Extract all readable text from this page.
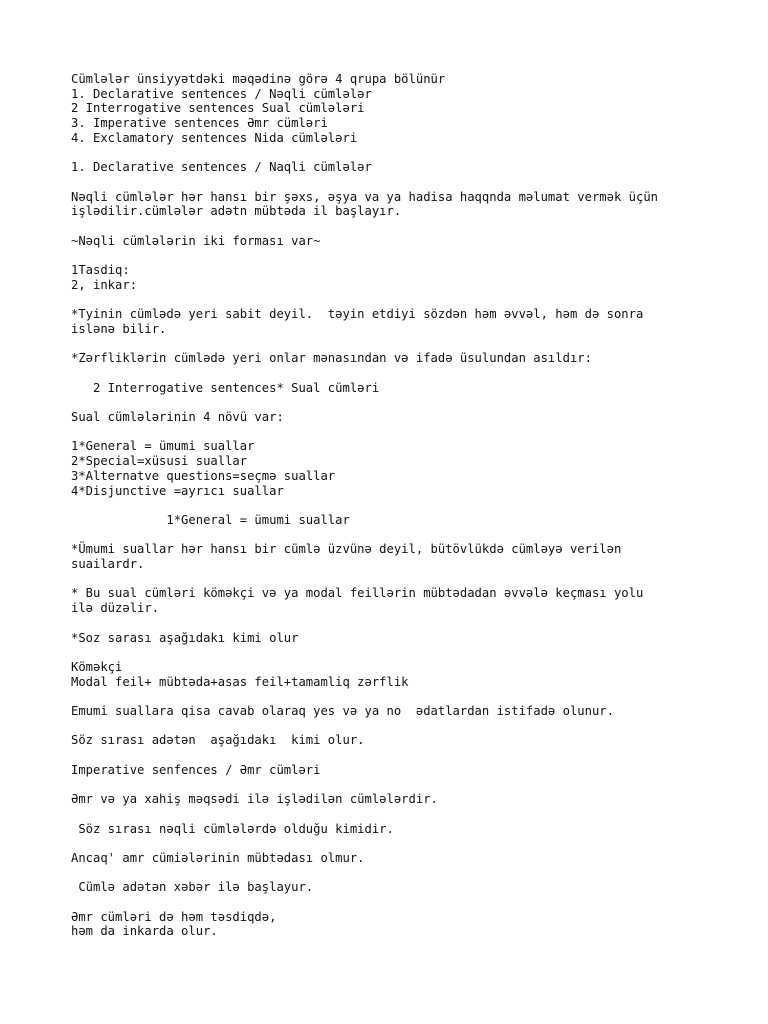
Cümlələr ünsiyyətdəki məqədinə görə 4 qrupa bölünür
1. Declarative sentences / Nəqli cümlələr
2 Interrogative sentences Sual cümlələri
3. Imperative sentences Əmr cümləri
4. Exclamatory sentences Nida cümlələri
1. Declarative sentences / Naqli cümlələr
Nəqli cümlələr hər hansı bir şəxs, əşya va ya hadisa haqqnda məlumat vermək üçün
işlədilir.cümlələr adətn mübtəda il başlayır.
~Nəqli cümlələrin iki forması var~
1Tasdiq:
2, inkar:
*Tyinin cümlədə yeri sabit deyil.  təyin etdiyi sözdən həm əvvəl, həm də sonra
islənə bilir.
*Zərfliklərin cümlədə yeri onlar mənasından və ifadə üsulundan asıldır:
2 Interrogative sentences* Sual cümləri
Sual cümlələrinin 4 növü var:
1*General = ümumi suallar
2*Special=xüsusi suallar
3*Alternatve questions=seçmə suallar
4*Disjunctive =ayrıcı suallar
1*General = ümumi suallar
*Ümumi suallar hər hansı bir cümlə üzvünə deyil, bütövlükdə cümləyə verilən
suailardr.
* Bu sual cümləri köməkçi və ya modal feillərin mübtədadan əvvələ keçması yolu
ilə düzəlir.
*Soz sarası aşağıdakı kimi olur
Köməkçi
Modal feil+ mübtəda+asas feil+tamamliq zərflik
Emumi suallara qisa cavab olaraq yes və ya no  ədatlardan istifadə olunur.
Söz sırası adətən  aşağıdakı  kimi olur.
Imperative senfences / Əmr cümləri
Əmr və ya xahiş məqsədi ilə işlədilən cümlələrdir.
Söz sırası nəqli cümlələrdə olduğu kimidir.
Ancaq' amr cümiələrinin mübtədası olmur.
Cümlə adətən xəbər ilə başlayur.
Əmr cümləri də həm təsdiqdə,
həm da inkarda olur.
